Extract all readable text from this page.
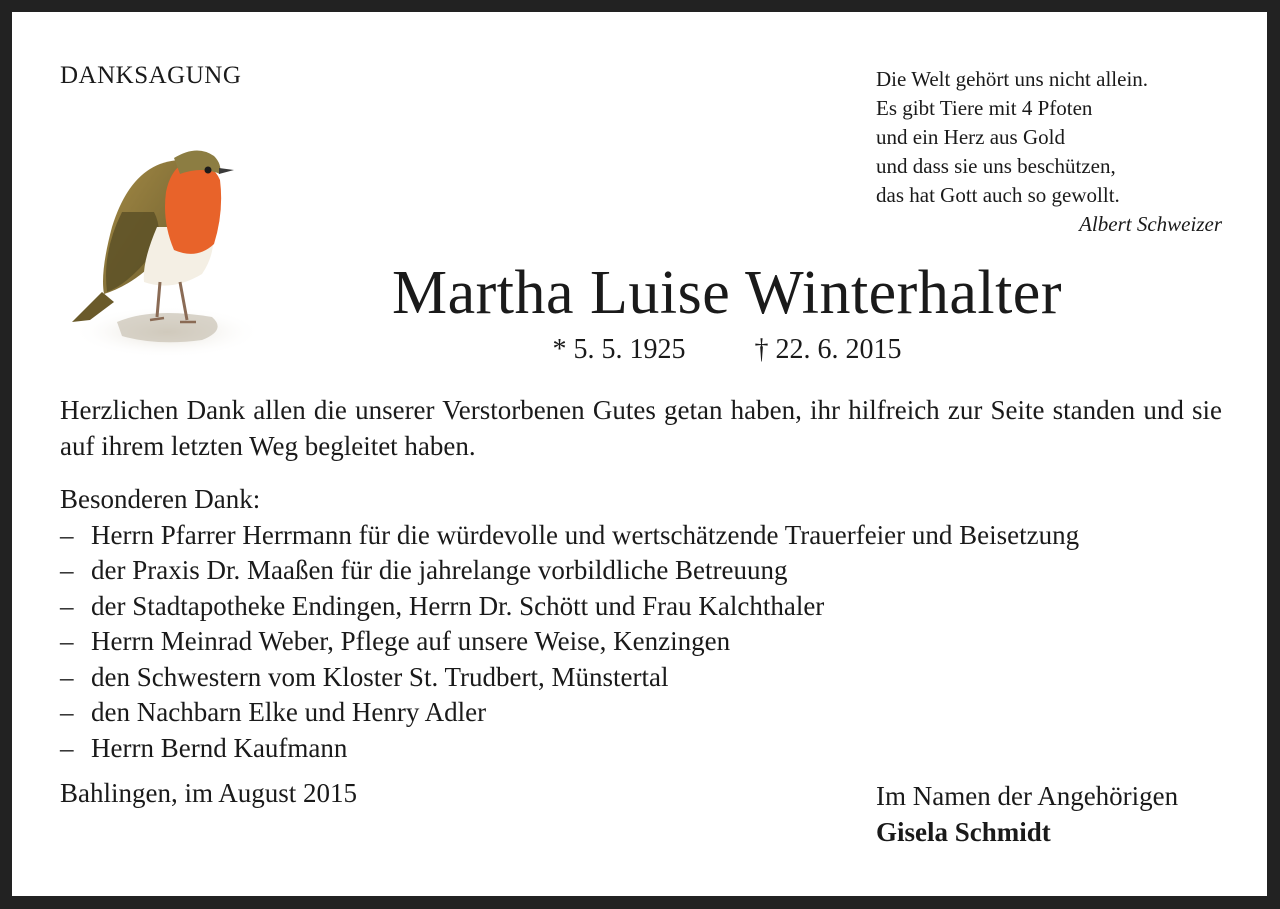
DANKSAGUNG	Die Welt gehört uns nicht allein.
Es gibt Tiere mit 4 Pfoten
und ein Herz aus Gold
und dass sie uns beschützen,
das hat Gott auch so gewollt.
Albert Schweizer
Martha Luise Winterhalter
* 5. 5. 1925 † 22. 6. 2015
Herzlichen Dank allen die unserer Verstorbenen Gutes getan haben, ihr hilfreich zur Seite standen und sie auf ihrem letzten Weg begleitet haben.
Besonderen Dank:
– Herrn Pfarrer Herrmann für die würdevolle und wertschätzende Trauerfeier und Beisetzung
– der Praxis Dr. Maaßen für die jahrelange vorbildliche Betreuung
– der Stadtapotheke Endingen, Herrn Dr. Schött und Frau Kalchthaler
– Herrn Meinrad Weber, Pflege auf unsere Weise, Kenzingen
– den Schwestern vom Kloster St. Trudbert, Münstertal
– den Nachbarn Elke und Henry Adler
– Herrn Bernd Kaufmann
Bahlingen, im August 2015	Im Namen der Angehörigen
Gisela Schmidt
